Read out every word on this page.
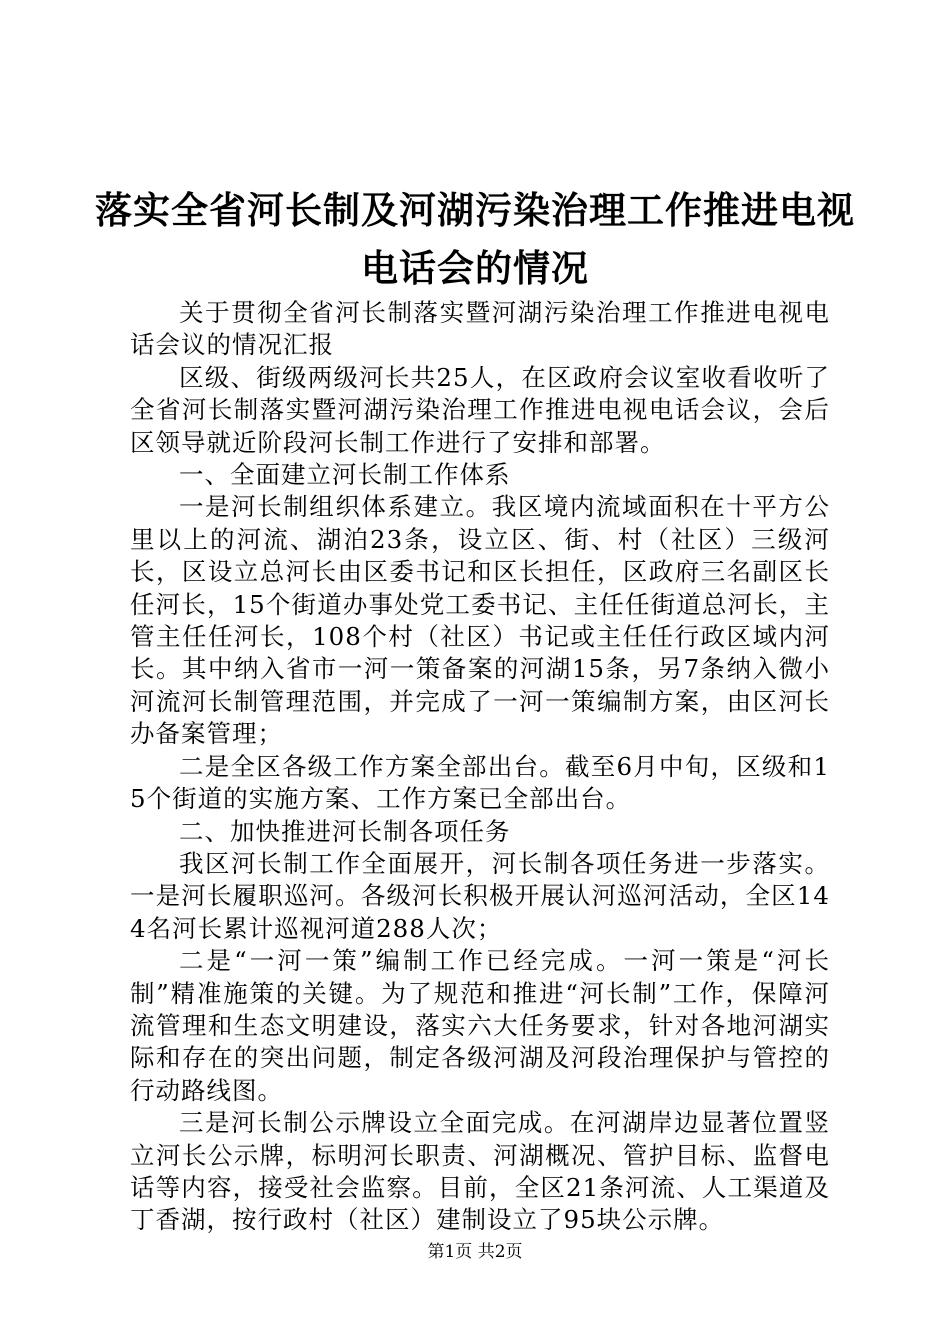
落实全省河长制及河湖污染治理工作推进电视
电话会的情况

关于贯彻全省河长制落实暨河湖污染治理工作推进电视电话会议的情况汇报

区级、街级两级河长共25人，在区政府会议室收看收听了全省河长制落实暨河湖污染治理工作推进电视电话会议，会后区领导就近阶段河长制工作进行了安排和部署。

一、全面建立河长制工作体系

一是河长制组织体系建立。我区境内流域面积在十平方公里以上的河流、湖泊23条，设立区、街、村（社区）三级河长，区设立总河长由区委书记和区长担任，区政府三名副区长任河长，15个街道办事处党工委书记、主任任街道总河长，主管主任任河长，108个村（社区）书记或主任任行政区域内河长。其中纳入省市一河一策备案的河湖15条，另7条纳入微小河流河长制管理范围，并完成了一河一策编制方案，由区河长办备案管理；

二是全区各级工作方案全部出台。截至6月中旬，区级和15个街道的实施方案、工作方案已全部出台。

二、加快推进河长制各项任务

我区河长制工作全面展开，河长制各项任务进一步落实。一是河长履职巡河。各级河长积极开展认河巡河活动，全区144名河长累计巡视河道288人次；

二是“一河一策”编制工作已经完成。一河一策是“河长制”精准施策的关键。为了规范和推进“河长制”工作，保障河流管理和生态文明建设，落实六大任务要求，针对各地河湖实际和存在的突出问题，制定各级河湖及河段治理保护与管控的行动路线图。

三是河长制公示牌设立全面完成。在河湖岸边显著位置竖立河长公示牌，标明河长职责、河湖概况、管护目标、监督电话等内容，接受社会监察。目前，全区21条河流、人工渠道及丁香湖，按行政村（社区）建制设立了95块公示牌。

第1页 共2页
